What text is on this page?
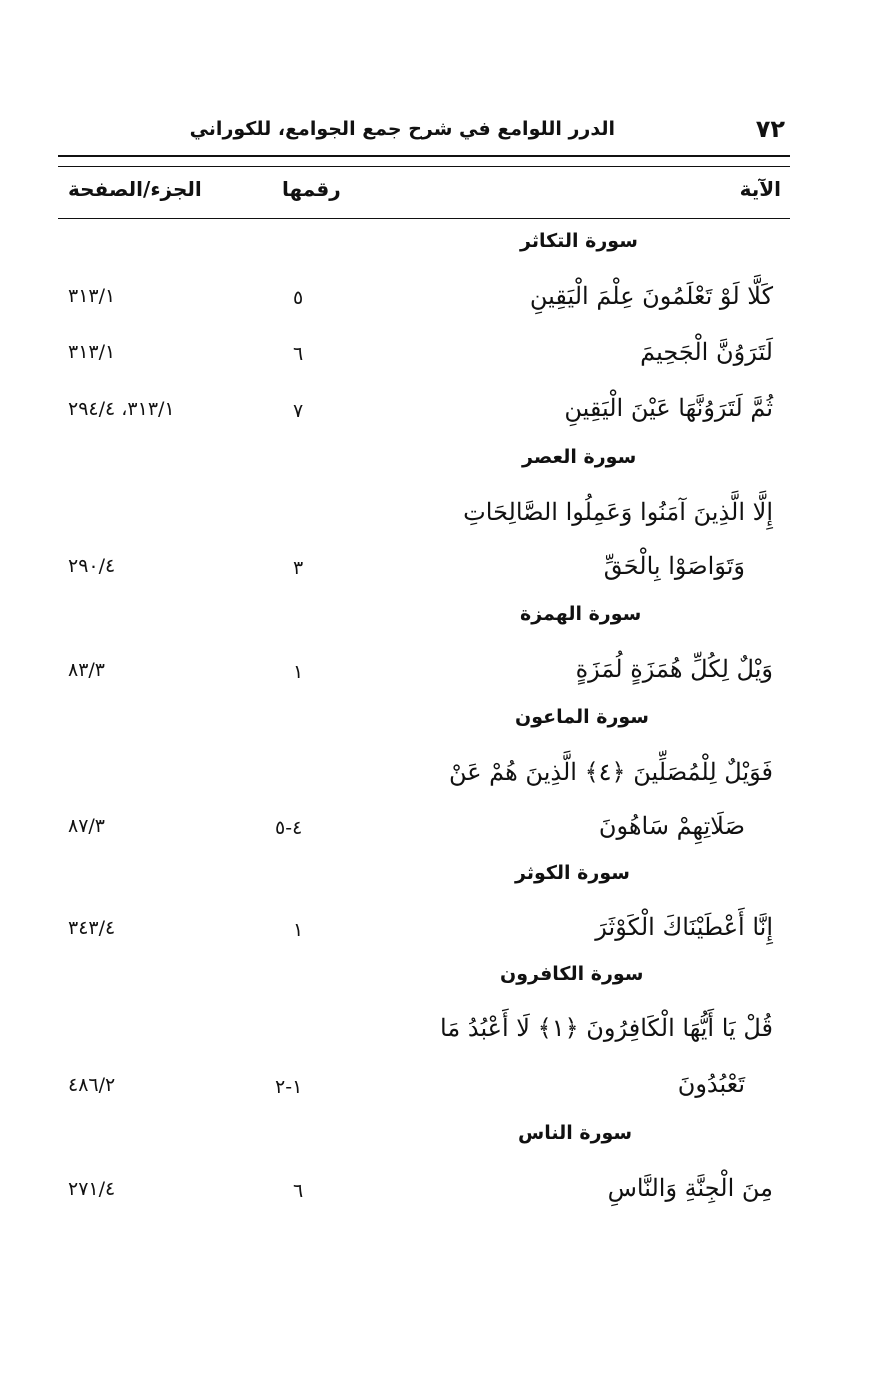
٧٢
الدرر اللوامع في شرح جمع الجوامع، للكوراني
الآية
رقمها
الجزء/الصفحة
سورة التكاثر
كَلَّا لَوْ تَعْلَمُونَ عِلْمَ الْيَقِينِ
٥
٣١٣/١
لَتَرَوُنَّ الْجَحِيمَ
٦
٣١٣/١
ثُمَّ لَتَرَوُنَّهَا عَيْنَ الْيَقِينِ
٧
٣١٣/١، ٢٩٤/٤
سورة العصر
إِلَّا الَّذِينَ آمَنُوا وَعَمِلُوا الصَّالِحَاتِ
وَتَوَاصَوْا بِالْحَقِّ
٣
٢٩٠/٤
سورة الهمزة
وَيْلٌ لِكُلِّ هُمَزَةٍ لُمَزَةٍ
١
٨٣/٣
سورة الماعون
فَوَيْلٌ لِلْمُصَلِّينَ ﴿٤﴾ الَّذِينَ هُمْ عَنْ
صَلَاتِهِمْ سَاهُونَ
٤-٥
٨٧/٣
سورة الكوثر
إِنَّا أَعْطَيْنَاكَ الْكَوْثَرَ
١
٣٤٣/٤
سورة الكافرون
قُلْ يَا أَيُّهَا الْكَافِرُونَ ﴿١﴾ لَا أَعْبُدُ مَا
تَعْبُدُونَ
١-٢
٤٨٦/٢
سورة الناس
مِنَ الْجِنَّةِ وَالنَّاسِ
٦
٢٧١/٤
